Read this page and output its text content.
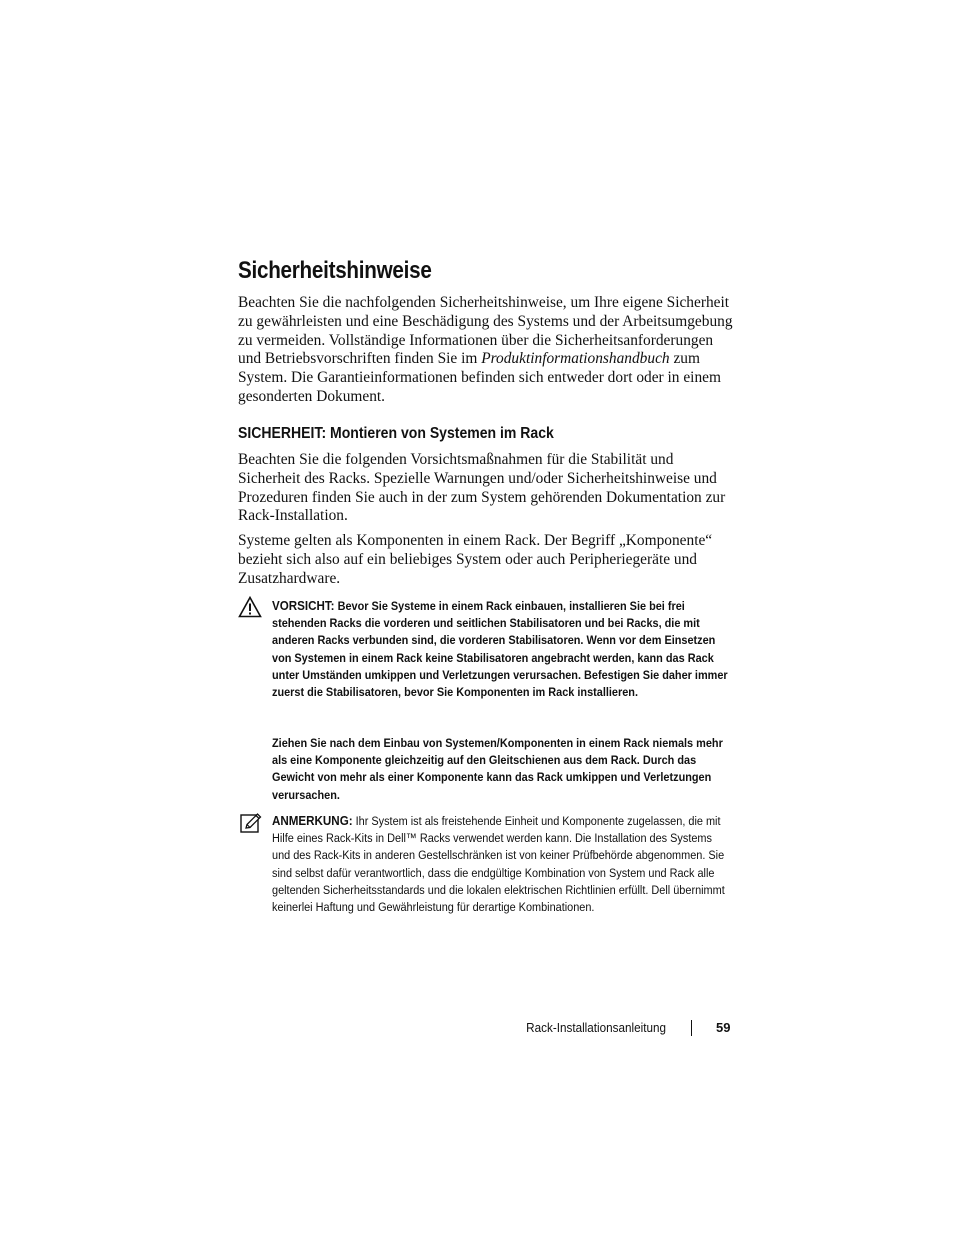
Sicherheitshinweise

Beachten Sie die nachfolgenden Sicherheitshinweise, um Ihre eigene Sicherheit zu gewährleisten und eine Beschädigung des Systems und der Arbeitsumgebung zu vermeiden. Vollständige Informationen über die Sicherheitsanforderungen und Betriebsvorschriften finden Sie im Produktinformationshandbuch zum System. Die Garantieinformationen befinden sich entweder dort oder in einem gesonderten Dokument.

SICHERHEIT: Montieren von Systemen im Rack

Beachten Sie die folgenden Vorsichtsmaßnahmen für die Stabilität und Sicherheit des Racks. Spezielle Warnungen und/oder Sicherheitshinweise und Prozeduren finden Sie auch in der zum System gehörenden Dokumentation zur Rack-Installation.

Systeme gelten als Komponenten in einem Rack. Der Begriff „Komponente“ bezieht sich also auf ein beliebiges System oder auch Peripheriegeräte und Zusatzhardware.

VORSICHT: Bevor Sie Systeme in einem Rack einbauen, installieren Sie bei frei stehenden Racks die vorderen und seitlichen Stabilisatoren und bei Racks, die mit anderen Racks verbunden sind, die vorderen Stabilisatoren. Wenn vor dem Einsetzen von Systemen in einem Rack keine Stabilisatoren angebracht werden, kann das Rack unter Umständen umkippen und Verletzungen verursachen. Befestigen Sie daher immer zuerst die Stabilisatoren, bevor Sie Komponenten im Rack installieren.

Ziehen Sie nach dem Einbau von Systemen/Komponenten in einem Rack niemals mehr als eine Komponente gleichzeitig auf den Gleitschienen aus dem Rack. Durch das Gewicht von mehr als einer Komponente kann das Rack umkippen und Verletzungen verursachen.

ANMERKUNG: Ihr System ist als freistehende Einheit und Komponente zugelassen, die mit Hilfe eines Rack-Kits in Dell™ Racks verwendet werden kann. Die Installation des Systems und des Rack-Kits in anderen Gestellschränken ist von keiner Prüfbehörde abgenommen. Sie sind selbst dafür verantwortlich, dass die endgültige Kombination von System und Rack alle geltenden Sicherheitsstandards und die lokalen elektrischen Richtlinien erfüllt. Dell übernimmt keinerlei Haftung und Gewährleistung für derartige Kombinationen.

Rack-Installationsanleitung	59
